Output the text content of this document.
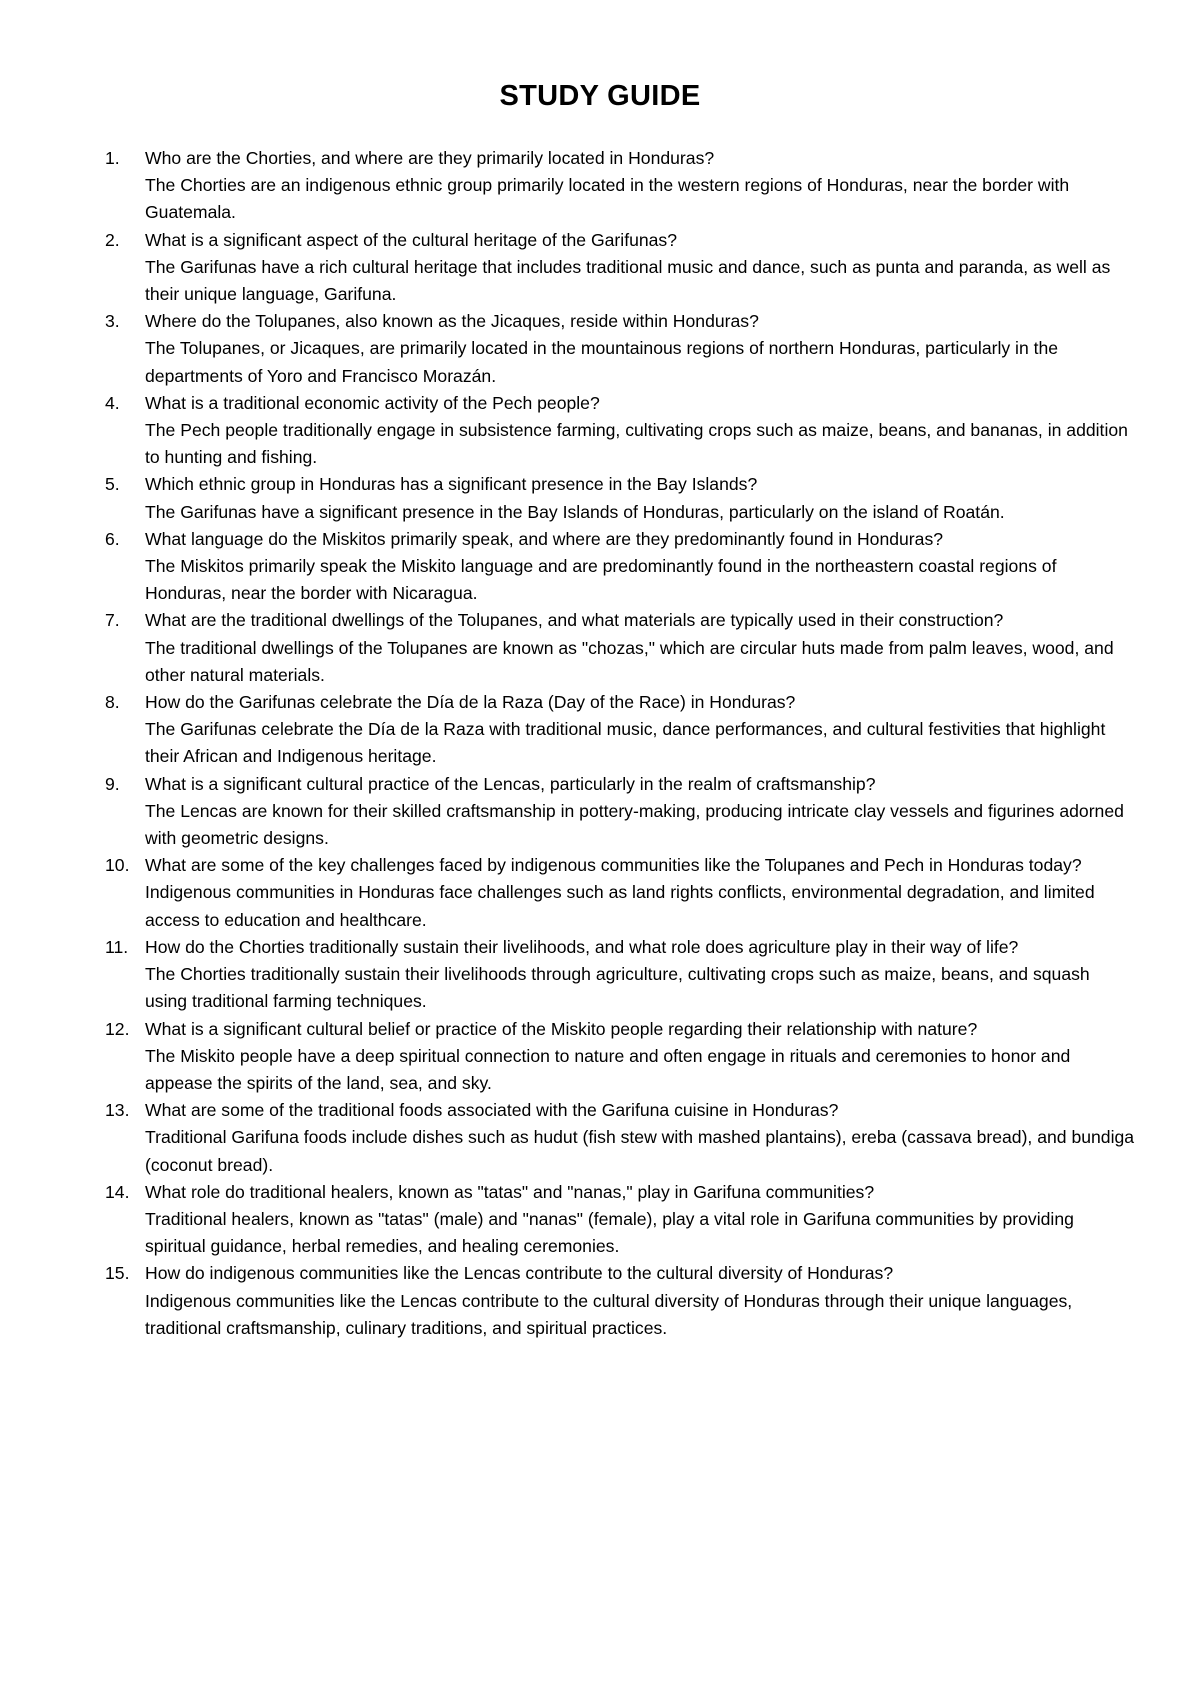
STUDY GUIDE
1.	Who are the Chorties, and where are they primarily located in Honduras?
The Chorties are an indigenous ethnic group primarily located in the western regions of Honduras, near the border with Guatemala.
2.	What is a significant aspect of the cultural heritage of the Garifunas?
The Garifunas have a rich cultural heritage that includes traditional music and dance, such as punta and paranda, as well as their unique language, Garifuna.
3.	Where do the Tolupanes, also known as the Jicaques, reside within Honduras?
The Tolupanes, or Jicaques, are primarily located in the mountainous regions of northern Honduras, particularly in the departments of Yoro and Francisco Morazán.
4.	What is a traditional economic activity of the Pech people?
The Pech people traditionally engage in subsistence farming, cultivating crops such as maize, beans, and bananas, in addition to hunting and fishing.
5.	Which ethnic group in Honduras has a significant presence in the Bay Islands?
The Garifunas have a significant presence in the Bay Islands of Honduras, particularly on the island of Roatán.
6.	What language do the Miskitos primarily speak, and where are they predominantly found in Honduras?
The Miskitos primarily speak the Miskito language and are predominantly found in the northeastern coastal regions of Honduras, near the border with Nicaragua.
7.	What are the traditional dwellings of the Tolupanes, and what materials are typically used in their construction?
The traditional dwellings of the Tolupanes are known as "chozas," which are circular huts made from palm leaves, wood, and other natural materials.
8.	How do the Garifunas celebrate the Día de la Raza (Day of the Race) in Honduras?
The Garifunas celebrate the Día de la Raza with traditional music, dance performances, and cultural festivities that highlight their African and Indigenous heritage.
9.	What is a significant cultural practice of the Lencas, particularly in the realm of craftsmanship?
The Lencas are known for their skilled craftsmanship in pottery-making, producing intricate clay vessels and figurines adorned with geometric designs.
10. What are some of the key challenges faced by indigenous communities like the Tolupanes and Pech in Honduras today?
Indigenous communities in Honduras face challenges such as land rights conflicts, environmental degradation, and limited access to education and healthcare.
11. How do the Chorties traditionally sustain their livelihoods, and what role does agriculture play in their way of life?
The Chorties traditionally sustain their livelihoods through agriculture, cultivating crops such as maize, beans, and squash using traditional farming techniques.
12. What is a significant cultural belief or practice of the Miskito people regarding their relationship with nature?
The Miskito people have a deep spiritual connection to nature and often engage in rituals and ceremonies to honor and appease the spirits of the land, sea, and sky.
13. What are some of the traditional foods associated with the Garifuna cuisine in Honduras?
Traditional Garifuna foods include dishes such as hudut (fish stew with mashed plantains), ereba (cassava bread), and bundiga (coconut bread).
14. What role do traditional healers, known as "tatas" and "nanas," play in Garifuna communities?
Traditional healers, known as "tatas" (male) and "nanas" (female), play a vital role in Garifuna communities by providing spiritual guidance, herbal remedies, and healing ceremonies.
15. How do indigenous communities like the Lencas contribute to the cultural diversity of Honduras?
Indigenous communities like the Lencas contribute to the cultural diversity of Honduras through their unique languages, traditional craftsmanship, culinary traditions, and spiritual practices.
